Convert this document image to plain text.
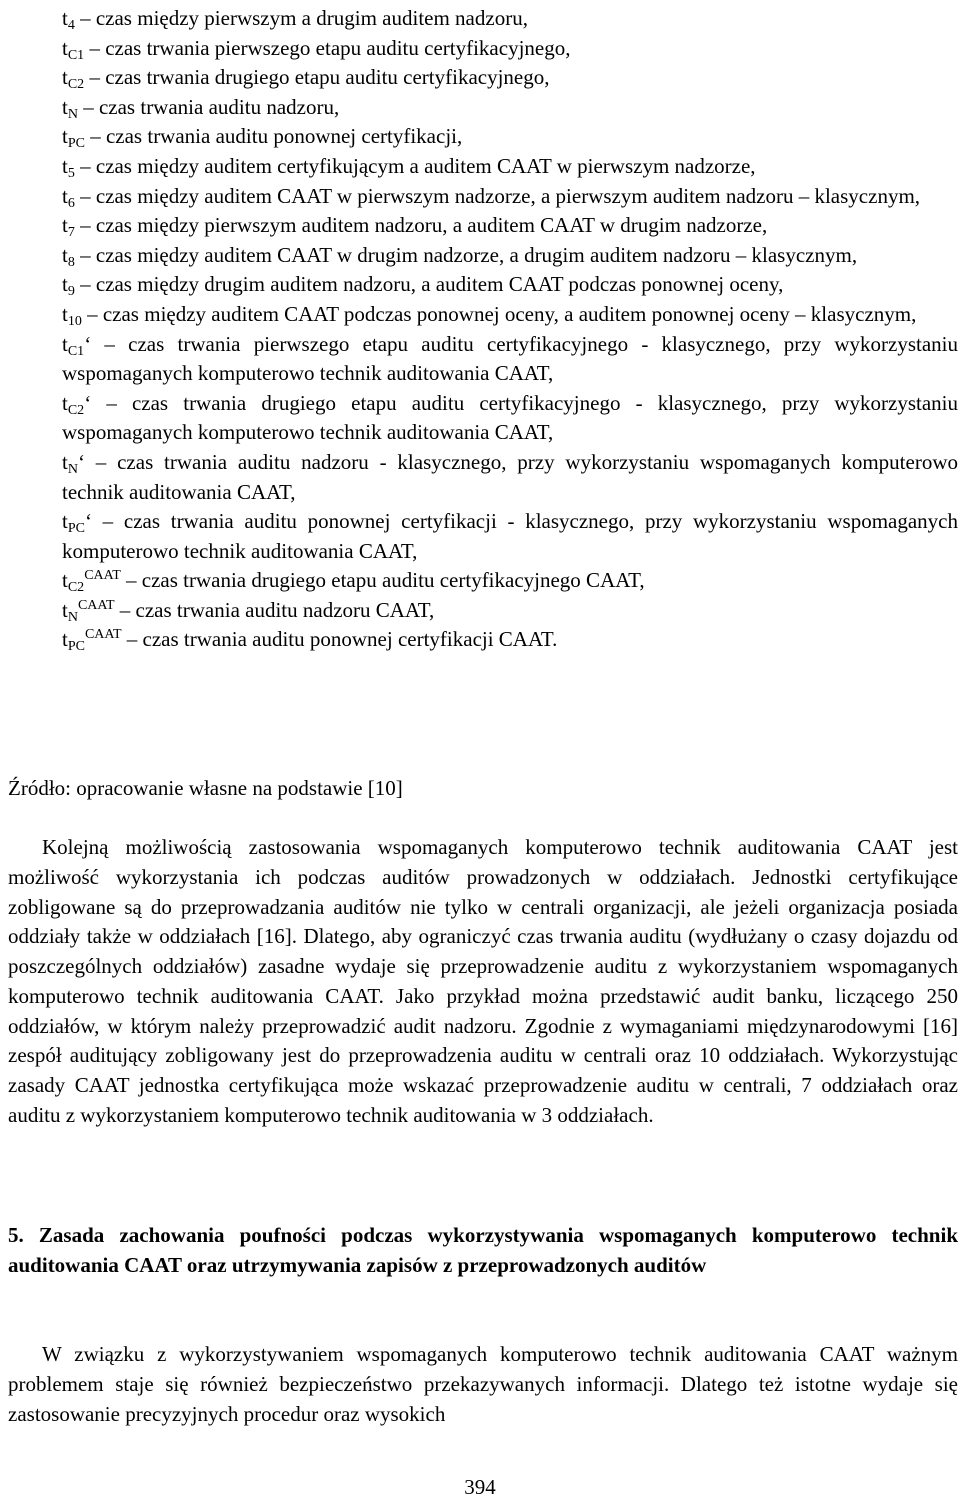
$t_4$ – czas między pierwszym a drugim auditem nadzoru,
$t_{C1}$ – czas trwania pierwszego etapu auditu certyfikacyjnego,
$t_{C2}$ – czas trwania drugiego etapu auditu certyfikacyjnego,
$t_N$ – czas trwania auditu nadzoru,
$t_{PC}$ – czas trwania auditu ponownej certyfikacji,
$t_5$ – czas między auditem certyfikującym a auditem CAAT w pierwszym nadzorze,
$t_6$ – czas między auditem CAAT w pierwszym nadzorze, a pierwszym auditem nadzoru – klasycznym,
$t_7$ – czas między pierwszym auditem nadzoru, a auditem CAAT w drugim nadzorze,
$t_8$ – czas między auditem CAAT w drugim nadzorze, a drugim auditem nadzoru – klasycznym,
$t_9$ – czas między drugim auditem nadzoru, a auditem CAAT podczas ponownej oceny,
$t_{10}$ – czas między auditem CAAT podczas ponownej oceny, a auditem ponownej oceny – klasycznym,
$t_{C1}‘$ – czas trwania pierwszego etapu auditu certyfikacyjnego - klasycznego, przy wykorzystaniu wspomaganych komputerowo technik auditowania CAAT,
$t_{C2}‘$ – czas trwania drugiego etapu auditu certyfikacyjnego - klasycznego, przy wykorzystaniu wspomaganych komputerowo technik auditowania CAAT,
$t_N‘$ – czas trwania auditu nadzoru - klasycznego, przy wykorzystaniu wspomaganych komputerowo technik auditowania CAAT,
$t_{PC}‘$ – czas trwania auditu ponownej certyfikacji - klasycznego, przy wykorzystaniu wspomaganych komputerowo technik auditowania CAAT,
$t_{C2}^{CAAT}$ – czas trwania drugiego etapu auditu certyfikacyjnego CAAT,
$t_N^{CAAT}$ – czas trwania auditu nadzoru CAAT,
$t_{PC}^{CAAT}$ – czas trwania auditu ponownej certyfikacji CAAT.
Źródło: opracowanie własne na podstawie [10]
Kolejną możliwością zastosowania wspomaganych komputerowo technik auditowania CAAT jest możliwość wykorzystania ich podczas auditów prowadzonych w oddziałach. Jednostki certyfikujące zobligowane są do przeprowadzania auditów nie tylko w centrali organizacji, ale jeżeli organizacja posiada oddziały także w oddziałach [16]. Dlatego, aby ograniczyć czas trwania auditu (wydłużany o czasy dojazdu od poszczególnych oddziałów) zasadne wydaje się przeprowadzenie auditu z wykorzystaniem wspomaganych komputerowo technik auditowania CAAT. Jako przykład można przedstawić audit banku, liczącego 250 oddziałów, w którym należy przeprowadzić audit nadzoru. Zgodnie z wymaganiami międzynarodowymi [16] zespół auditujący zobligowany jest do przeprowadzenia auditu w centrali oraz 10 oddziałach. Wykorzystując zasady CAAT jednostka certyfikująca może wskazać przeprowadzenie auditu w centrali, 7 oddziałach oraz auditu z wykorzystaniem komputerowo technik auditowania w 3 oddziałach.
5. Zasada zachowania poufności podczas wykorzystywania wspomaganych komputerowo technik auditowania CAAT oraz utrzymywania zapisów z przeprowadzonych auditów
W związku z wykorzystywaniem wspomaganych komputerowo technik auditowania CAAT ważnym problemem staje się również bezpieczeństwo przekazywanych informacji. Dlatego też istotne wydaje się zastosowanie precyzyjnych procedur oraz wysokich
394
